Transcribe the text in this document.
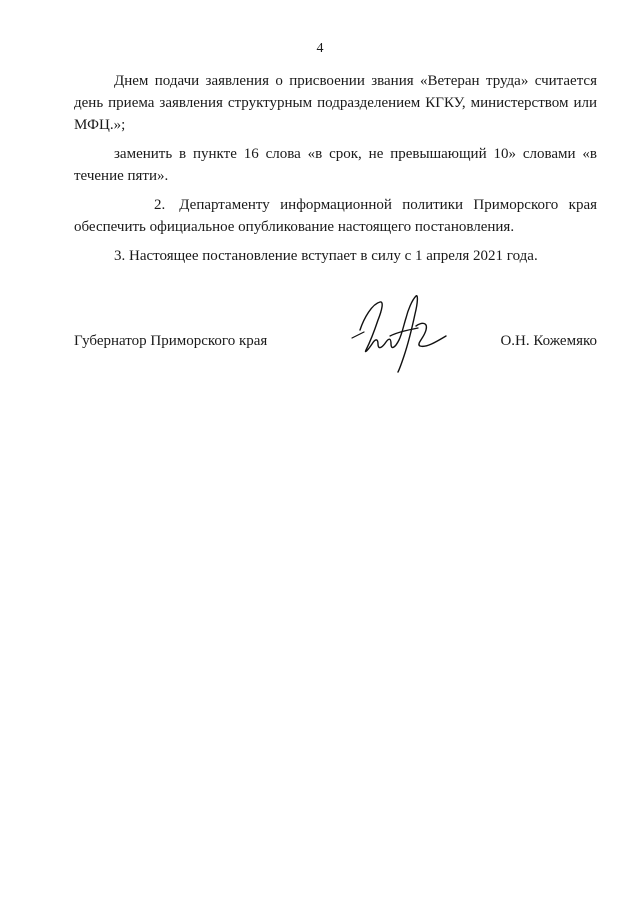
4

Днем подачи заявления о присвоении звания «Ветеран труда» считается день приема заявления структурным подразделением КГКУ, министерством или МФЦ.»;

заменить в пункте 16 слова «в срок, не превышающий 10» словами «в течение пяти».

2. Департаменту информационной политики Приморского края обеспечить официальное опубликование настоящего постановления.

3. Настоящее постановление вступает в силу с 1 апреля 2021 года.

Губернатор Приморского края	О.Н. Кожемяко
